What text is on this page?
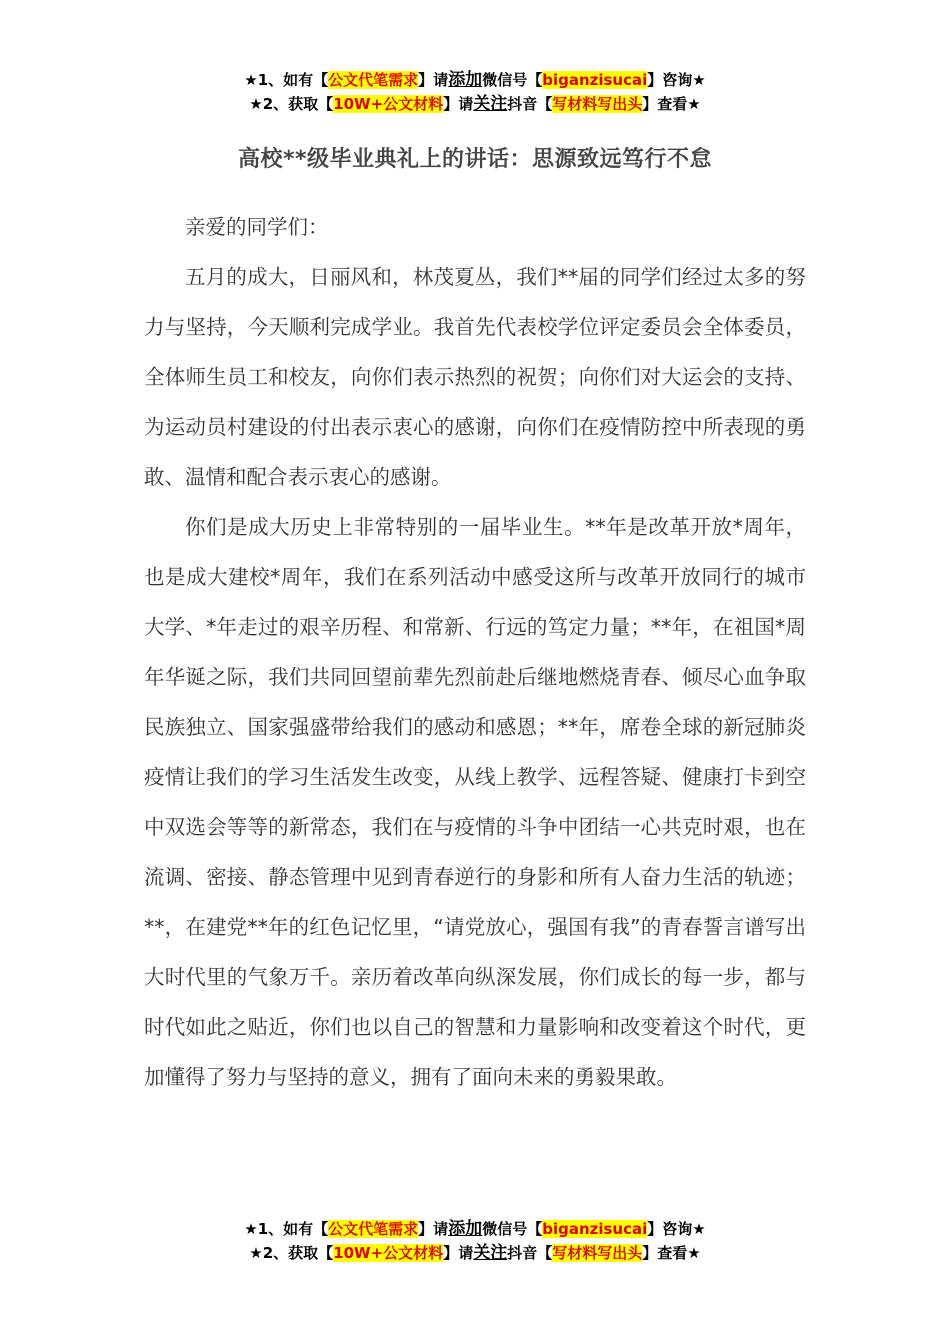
★1、如有【公文代笔需求】请添加微信号【biganzisucai】咨询★
★2、获取【10W+公文材料】请关注抖音【写材料写出头】查看★
高校**级毕业典礼上的讲话：思源致远笃行不怠

亲爱的同学们：

五月的成大，日丽风和，林茂夏丛，我们**届的同学们经过太多的努力与坚持，今天顺利完成学业。我首先代表校学位评定委员会全体委员，全体师生员工和校友，向你们表示热烈的祝贺；向你们对大运会的支持、为运动员村建设的付出表示衷心的感谢，向你们在疫情防控中所表现的勇敢、温情和配合表示衷心的感谢。

你们是成大历史上非常特别的一届毕业生。**年是改革开放*周年，也是成大建校*周年，我们在系列活动中感受这所与改革开放同行的城市大学、*年走过的艰辛历程、和常新、行远的笃定力量；**年，在祖国*周年华诞之际，我们共同回望前辈先烈前赴后继地燃烧青春、倾尽心血争取民族独立、国家强盛带给我们的感动和感恩；**年，席卷全球的新冠肺炎疫情让我们的学习生活发生改变，从线上教学、远程答疑、健康打卡到空中双选会等等的新常态，我们在与疫情的斗争中团结一心共克时艰，也在流调、密接、静态管理中见到青春逆行的身影和所有人奋力生活的轨迹；**，在建党**年的红色记忆里，“请党放心，强国有我”的青春誓言谱写出大时代里的气象万千。亲历着改革向纵深发展，你们成长的每一步，都与时代如此之贴近，你们也以自己的智慧和力量影响和改变着这个时代，更加懂得了努力与坚持的意义，拥有了面向未来的勇毅果敢。

★1、如有【公文代笔需求】请添加微信号【biganzisucai】咨询★
★2、获取【10W+公文材料】请关注抖音【写材料写出头】查看★
